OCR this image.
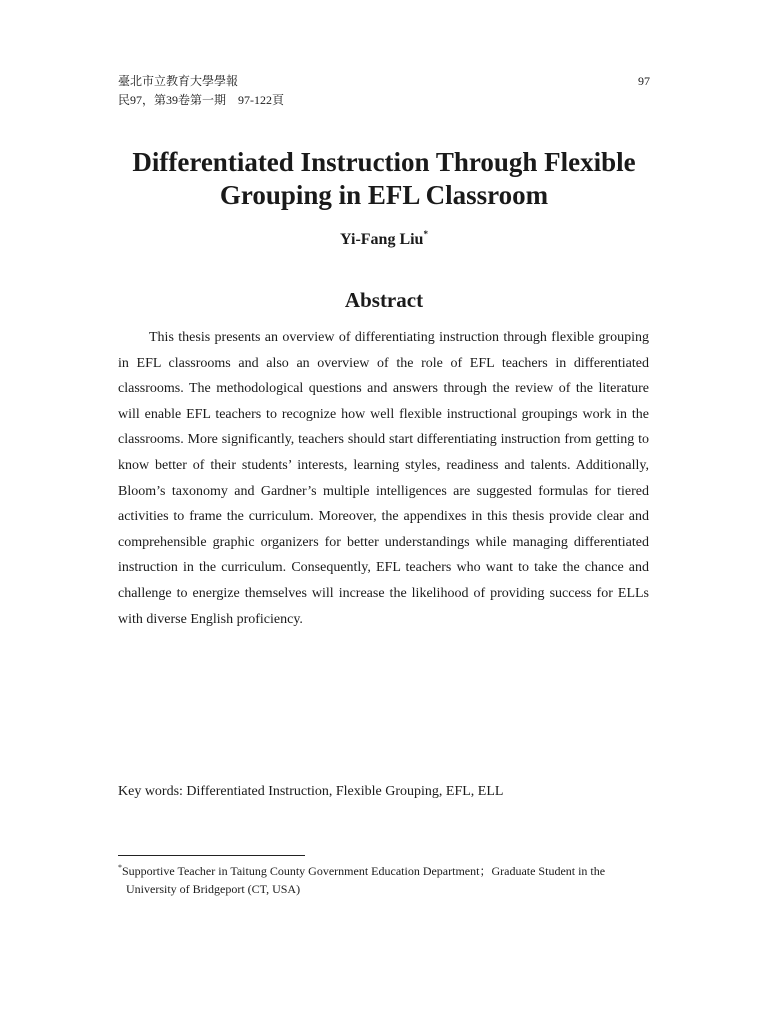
臺北市立教育大學學報
民97，第39卷第一期　97-122頁
97
Differentiated Instruction Through Flexible Grouping in EFL Classroom
Yi-Fang Liu*
Abstract

This thesis presents an overview of differentiating instruction through flexible grouping in EFL classrooms and also an overview of the role of EFL teachers in differentiated classrooms. The methodological questions and answers through the review of the literature will enable EFL teachers to recognize how well flexible instructional groupings work in the classrooms. More significantly, teachers should start differentiating instruction from getting to know better of their students’ interests, learning styles, readiness and talents. Additionally, Bloom’s taxonomy and Gardner’s multiple intelligences are suggested formulas for tiered activities to frame the curriculum. Moreover, the appendixes in this thesis provide clear and comprehensible graphic organizers for better understandings while managing differentiated instruction in the curriculum. Consequently, EFL teachers who want to take the chance and challenge to energize themselves will increase the likelihood of providing success for ELLs with diverse English proficiency.

Key words: Differentiated Instruction, Flexible Grouping, EFL, ELL
*Supportive Teacher in Taitung County Government Education Department；Graduate Student in the
University of Bridgeport (CT, USA)
